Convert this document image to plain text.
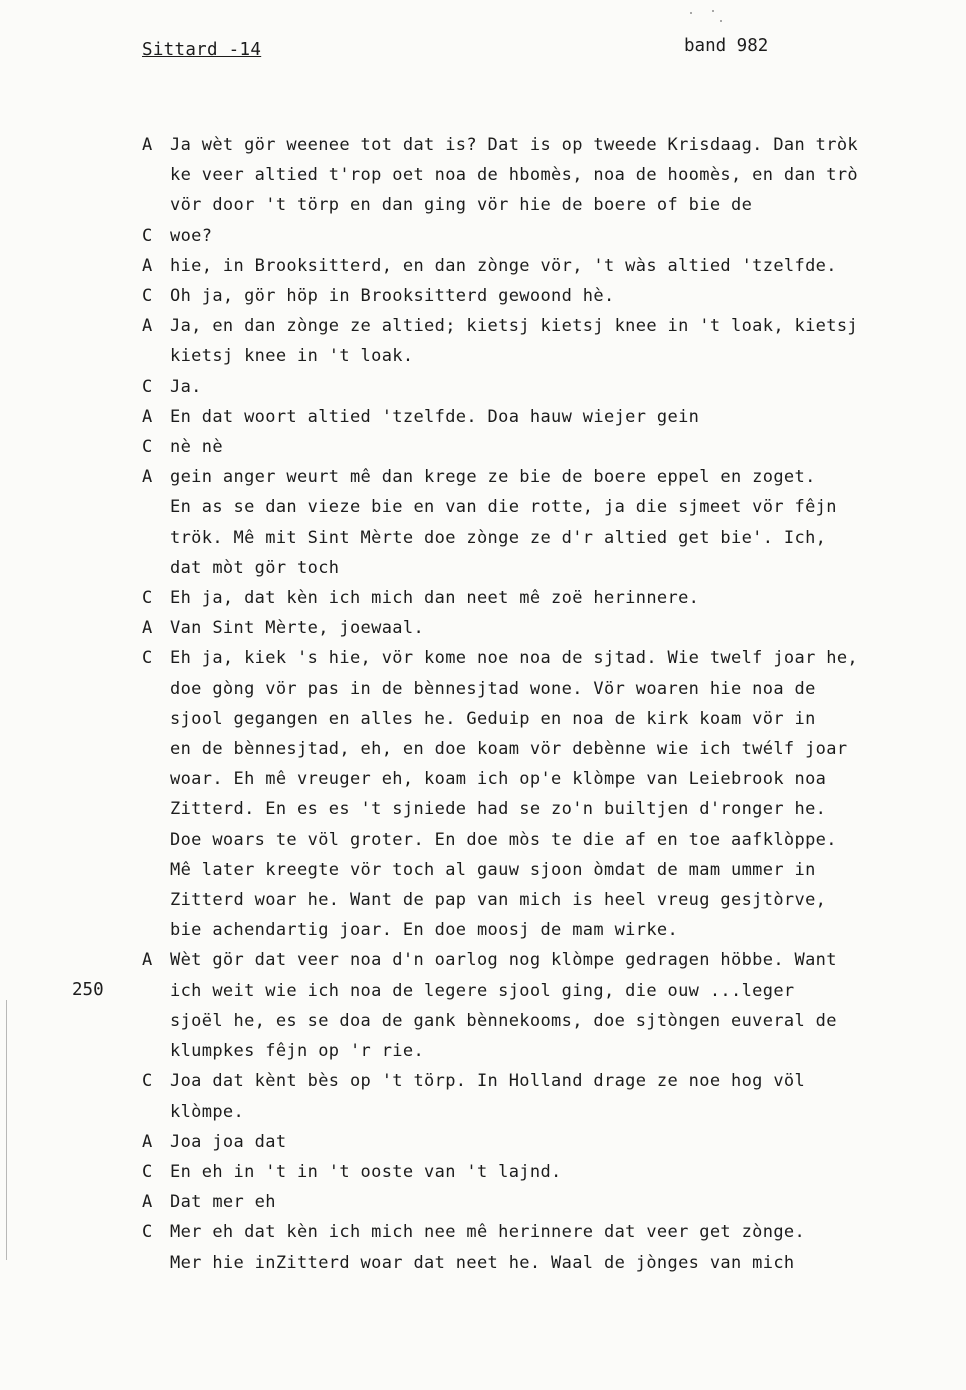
Sittard -14	band 982
250
A Ja wèt gör weenee tot dat is? Dat is op tweede Krisdaag. Dan tròk
ke veer altied t'rop oet noa de hbomès, noa de hoomès, en dan trò
vör door 't törp en dan ging vör hie de boere of bie de
C woe?
A hie, in Brooksitterd, en dan zònge vör, 't wàs altied 'tzelfde.
C Oh ja, gör höp in Brooksitterd gewoond hè.
A Ja, en dan zònge ze altied; kietsj kietsj knee in 't loak, kietsj
kietsj knee in 't loak.
C Ja.
A En dat woort altied 'tzelfde. Doa hauw wiejer gein
C nè nè
A gein anger weurt mê dan krege ze bie de boere eppel en zoget.
En as se dan vieze bie en van die rotte, ja die sjmeet vör fêjn
trök. Mê mit Sint Mèrte doe zònge ze d'r altied get bie'. Ich,
dat mòt gör toch
C Eh ja, dat kèn ich mich dan neet mê zoë herinnere.
A Van Sint Mèrte, joewaal.
C Eh ja, kiek 's hie, vör kome noe noa de sjtad. Wie twelf joar he,
doe gòng vör pas in de bènnesjtad wone. Vör woaren hie noa de
sjool gegangen en alles he. Geduip en noa de kirk koam vör in
en de bènnesjtad, eh, en doe koam vör debènne wie ich twélf joar
woar. Eh mê vreuger eh, koam ich op'e klòmpe van Leiebrook noa
Zitterd. En es es 't sjniede had se zo'n builtjen d'ronger he.
Doe woars te völ groter. En doe mòs te die af en toe aafklòppe.
Mê later kreegte vör toch al gauw sjoon òmdat de mam ummer in
Zitterd woar he. Want de pap van mich is heel vreug gesjtòrve,
bie achendartig joar. En doe moosj de mam wirke.
A Wèt gör dat veer noa d'n oarlog nog klòmpe gedragen höbbe. Want
ich weit wie ich noa de legere sjool ging, die ouw ...leger
sjoël he, es se doa de gank bènnekooms, doe sjtòngen euveral de
klumpkes fêjn op 'r rie.
C Joa dat kènt bès op 't törp. In Holland drage ze noe hog völ
klòmpe.
A Joa joa dat
C En eh in 't in 't ooste van 't lajnd.
A Dat mer eh
C Mer eh dat kèn ich mich nee mê herinnere dat veer get zònge.
Mer hie inZitterd woar dat neet he. Waal de jònges van mich
